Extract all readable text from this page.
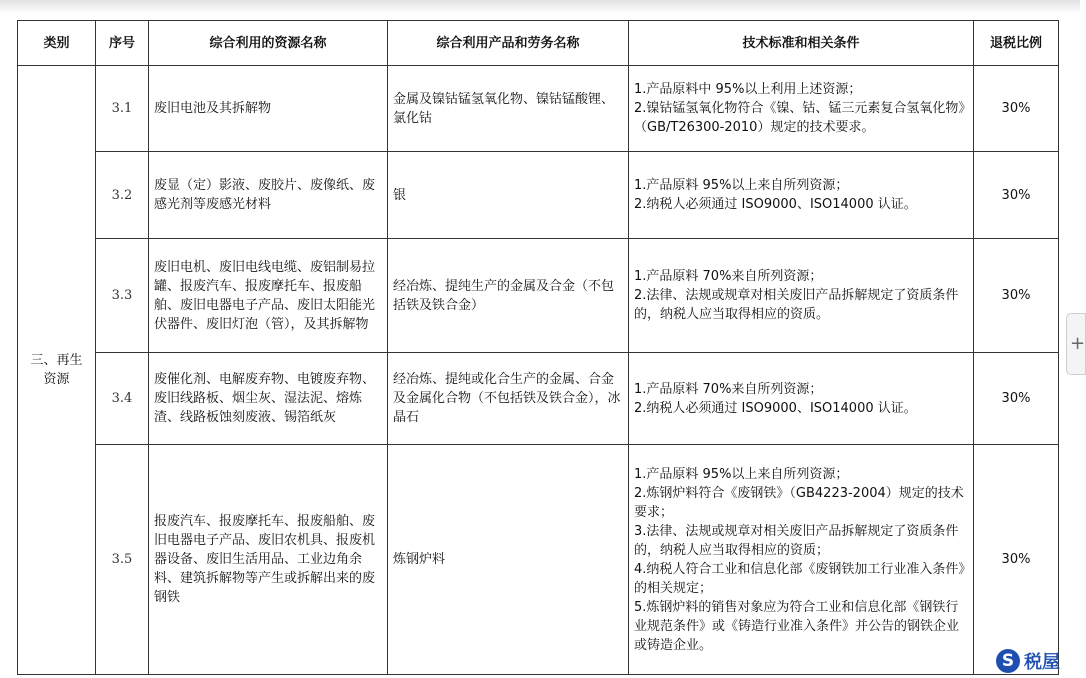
类别	序号	综合利用的资源名称	综合利用产品和劳务名称	技术标准和相关条件	退税比例
三、再生
资源	3.1	废旧电池及其拆解物	金属及镍钴锰氢氧化物、镍钴锰酸锂、氯化钴	1.产品原料中 95%以上利用上述资源；
2.镍钴锰氢氧化物符合《镍、钴、锰三元素复合氢氧化物》（GB/T26300-2010）规定的技术要求。	30%
	3.2	废显（定）影液、废胶片、废像纸、废感光剂等废感光材料	银	1.产品原料 95%以上来自所列资源；
2.纳税人必须通过 ISO9000、ISO14000 认证。	30%
	3.3	废旧电机、废旧电线电缆、废铝制易拉罐、报废汽车、报废摩托车、报废船舶、废旧电器电子产品、废旧太阳能光伏器件、废旧灯泡（管），及其拆解物	经冶炼、提纯生产的金属及合金（不包括铁及铁合金）	1.产品原料 70%来自所列资源；
2.法律、法规或规章对相关废旧产品拆解规定了资质条件的，纳税人应当取得相应的资质。	30%
	3.4	废催化剂、电解废弃物、电镀废弃物、废旧线路板、烟尘灰、湿法泥、熔炼渣、线路板蚀刻废液、锡箔纸灰	经冶炼、提纯或化合生产的金属、合金及金属化合物（不包括铁及铁合金），冰晶石	1.产品原料 70%来自所列资源；
2.纳税人必须通过 ISO9000、ISO14000 认证。	30%
	3.5	报废汽车、报废摩托车、报废船舶、废旧电器电子产品、废旧农机具、报废机器设备、废旧生活用品、工业边角余料、建筑拆解物等产生或拆解出来的废钢铁	炼钢炉料	1.产品原料 95%以上来自所列资源；
2.炼钢炉料符合《废钢铁》（GB4223-2004）规定的技术要求；
3.法律、法规或规章对相关废旧产品拆解规定了资质条件的，纳税人应当取得相应的资质；
4.纳税人符合工业和信息化部《废钢铁加工行业准入条件》的相关规定；
5.炼钢炉料的销售对象应为符合工业和信息化部《钢铁行业规范条件》或《铸造行业准入条件》并公告的钢铁企业或铸造企业。	30%
+
S 税屋
